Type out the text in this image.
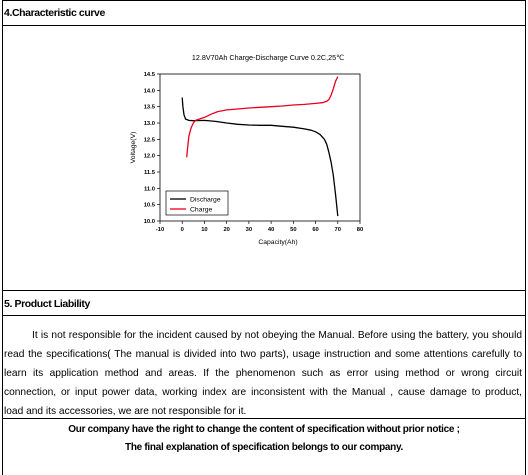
4.Characteristic curve
12.8V70Ah Charge-Discharge Curve 0.2C,25℃
-10	0	10	20	30	40	50	60	70	80
10.0
10.5
11.0
11.5
12.0
12.5
13.0
13.5
14.0
14.5
Capacity(Ah)
Voltage(V)
Discharge
Charge
5. Product Liability
It is not responsible for the incident caused by not obeying the Manual. Before using the battery, you should
read the specifications( The manual is divided into two parts), usage instruction and some attentions carefully to
learn its application method and areas. If the phenomenon such as error using method or wrong circuit
connection, or input power data, working index are inconsistent with the Manual , cause damage to product,
load and its accessories, we are not responsible for it.
Our company have the right to change the content of specification without prior notice ;
The final explanation of specification belongs to our company.
